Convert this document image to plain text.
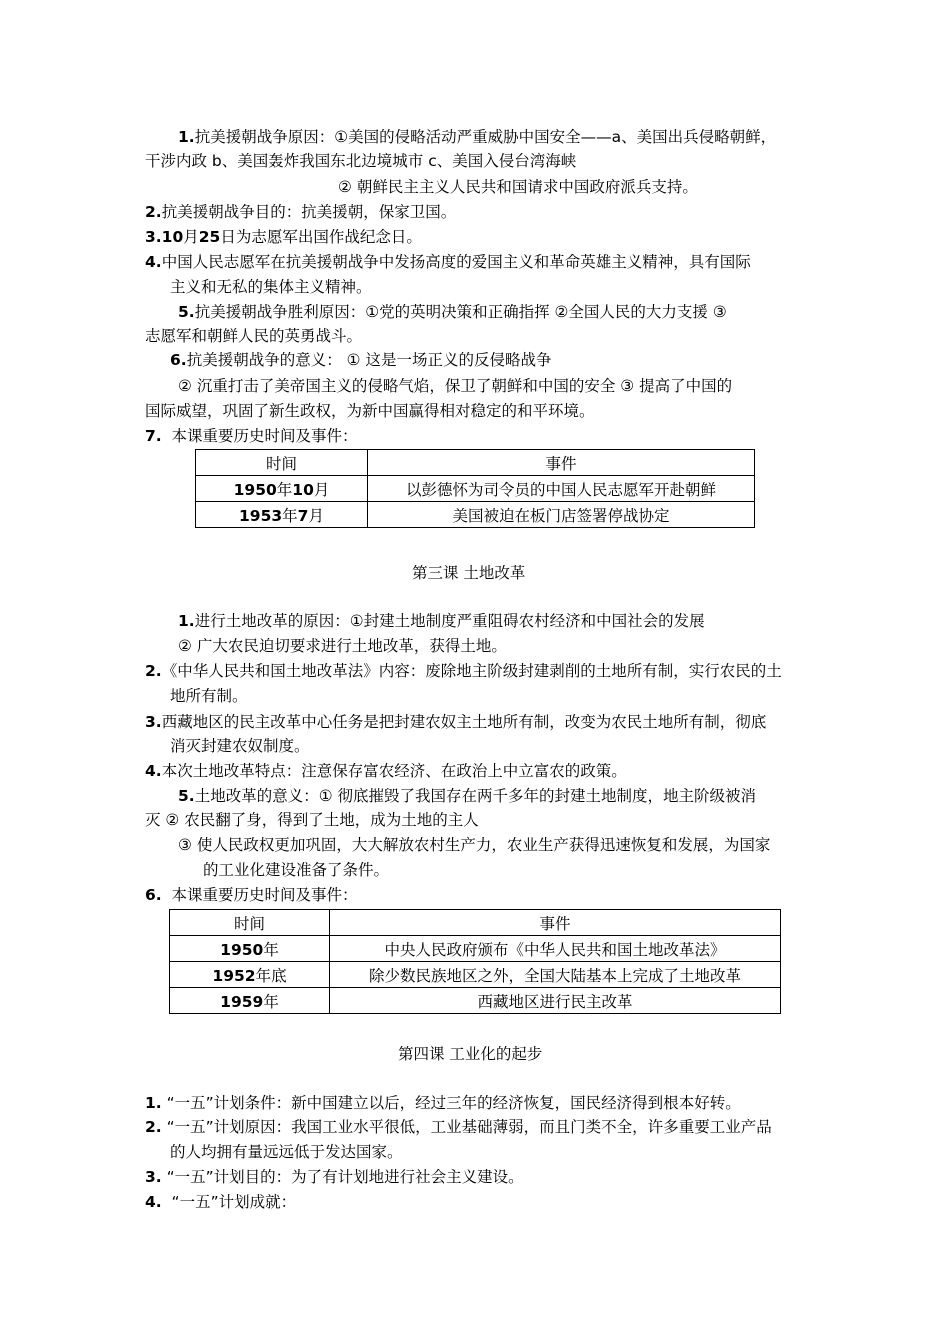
1.抗美援朝战争原因：①美国的侵略活动严重威胁中国安全——a、美国出兵侵略朝鲜，
干涉内政 b、美国轰炸我国东北边境城市 c、美国入侵台湾海峡
② 朝鲜民主主义人民共和国请求中国政府派兵支持。
2.抗美援朝战争目的：抗美援朝，保家卫国。
3.10月25日为志愿军出国作战纪念日。
4.中国人民志愿军在抗美援朝战争中发扬高度的爱国主义和革命英雄主义精神，具有国际
主义和无私的集体主义精神。
5.抗美援朝战争胜利原因：①党的英明决策和正确指挥 ②全国人民的大力支援 ③
志愿军和朝鲜人民的英勇战斗。
6.抗美援朝战争的意义： ① 这是一场正义的反侵略战争
② 沉重打击了美帝国主义的侵略气焰，保卫了朝鲜和中国的安全 ③ 提高了中国的
国际威望，巩固了新生政权，为新中国赢得相对稳定的和平环境。
7. 本课重要历史时间及事件：
时间	事件
1950年10月	以彭德怀为司令员的中国人民志愿军开赴朝鲜
1953年7月	美国被迫在板门店签署停战协定
第三课 土地改革
1.进行土地改革的原因：①封建土地制度严重阻碍农村经济和中国社会的发展
② 广大农民迫切要求进行土地改革，获得土地。
2.《中华人民共和国土地改革法》内容：废除地主阶级封建剥削的土地所有制，实行农民的土
地所有制。
3.西藏地区的民主改革中心任务是把封建农奴主土地所有制，改变为农民土地所有制，彻底
消灭封建农奴制度。
4.本次土地改革特点：注意保存富农经济、在政治上中立富农的政策。
5.土地改革的意义：① 彻底摧毁了我国存在两千多年的封建土地制度，地主阶级被消
灭 ② 农民翻了身，得到了土地，成为土地的主人
③ 使人民政权更加巩固，大大解放农村生产力，农业生产获得迅速恢复和发展，为国家
的工业化建设准备了条件。
6. 本课重要历史时间及事件：
时间	事件
1950年	中央人民政府颁布《中华人民共和国土地改革法》
1952年底	除少数民族地区之外，全国大陆基本上完成了土地改革
1959年	西藏地区进行民主改革
第四课 工业化的起步
1. “一五”计划条件：新中国建立以后，经过三年的经济恢复，国民经济得到根本好转。
2. “一五”计划原因：我国工业水平很低，工业基础薄弱，而且门类不全，许多重要工业产品
的人均拥有量远远低于发达国家。
3. “一五”计划目的：为了有计划地进行社会主义建设。
4. “一五”计划成就：
